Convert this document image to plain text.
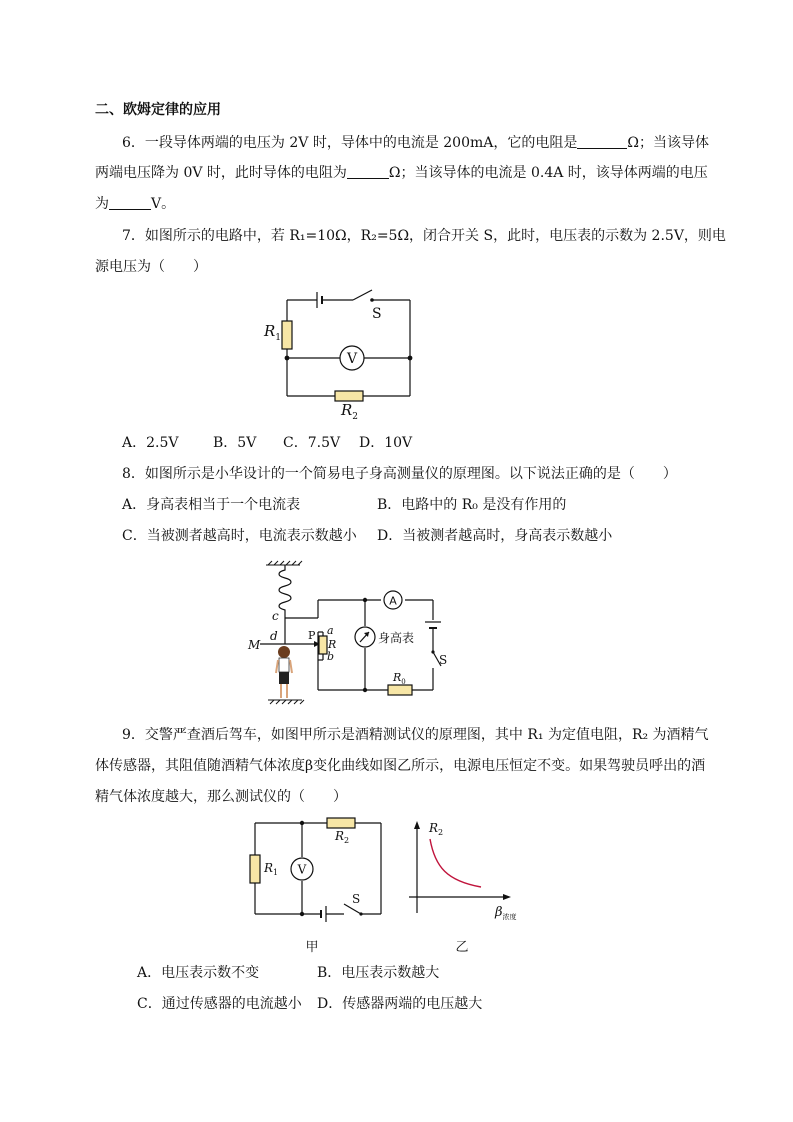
二、欧姆定律的应用
6．一段导体两端的电压为 2V 时，导体中的电流是 200mA，它的电阻是	Ω；当该导体
两端电压降为 0V 时，此时导体的电阻为	Ω；当该导体的电流是 0.4A 时，该导体两端的电压
为	V。
7．如图所示的电路中，若 R₁=10Ω，R₂=5Ω，闭合开关 S，此时，电压表的示数为 2.5V，则电
源电压为（　　）
V
S
$R_1$
$R_2$
A．2.5V B．5V C．7.5V D．10V
8．如图所示是小华设计的一个简易电子身高测量仪的原理图。以下说法正确的是（　　）
A．身高表相当于一个电流表	B．电路中的 R₀ 是没有作用的
C．当被测者越高时，电流表示数越小 D．当被测者越高时，身高表示数越小
A
身高表
$R_0$
c
d
M
P a
R
b	S
9．交警严查酒后驾车，如图甲所示是酒精测试仪的原理图，其中 R₁ 为定值电阻，R₂ 为酒精气
体传感器，其阻值随酒精气体浓度β变化曲线如图乙所示，电源电压恒定不变。如果驾驶员呼出的酒
精气体浓度越大，那么测试仪的（　　）
V
$R_1$
$R_2$
S
甲
$R_2$
$\beta_{浓度}$
乙
A．电压表示数不变	B．电压表示数越大
C．通过传感器的电流越小 D．传感器两端的电压越大
